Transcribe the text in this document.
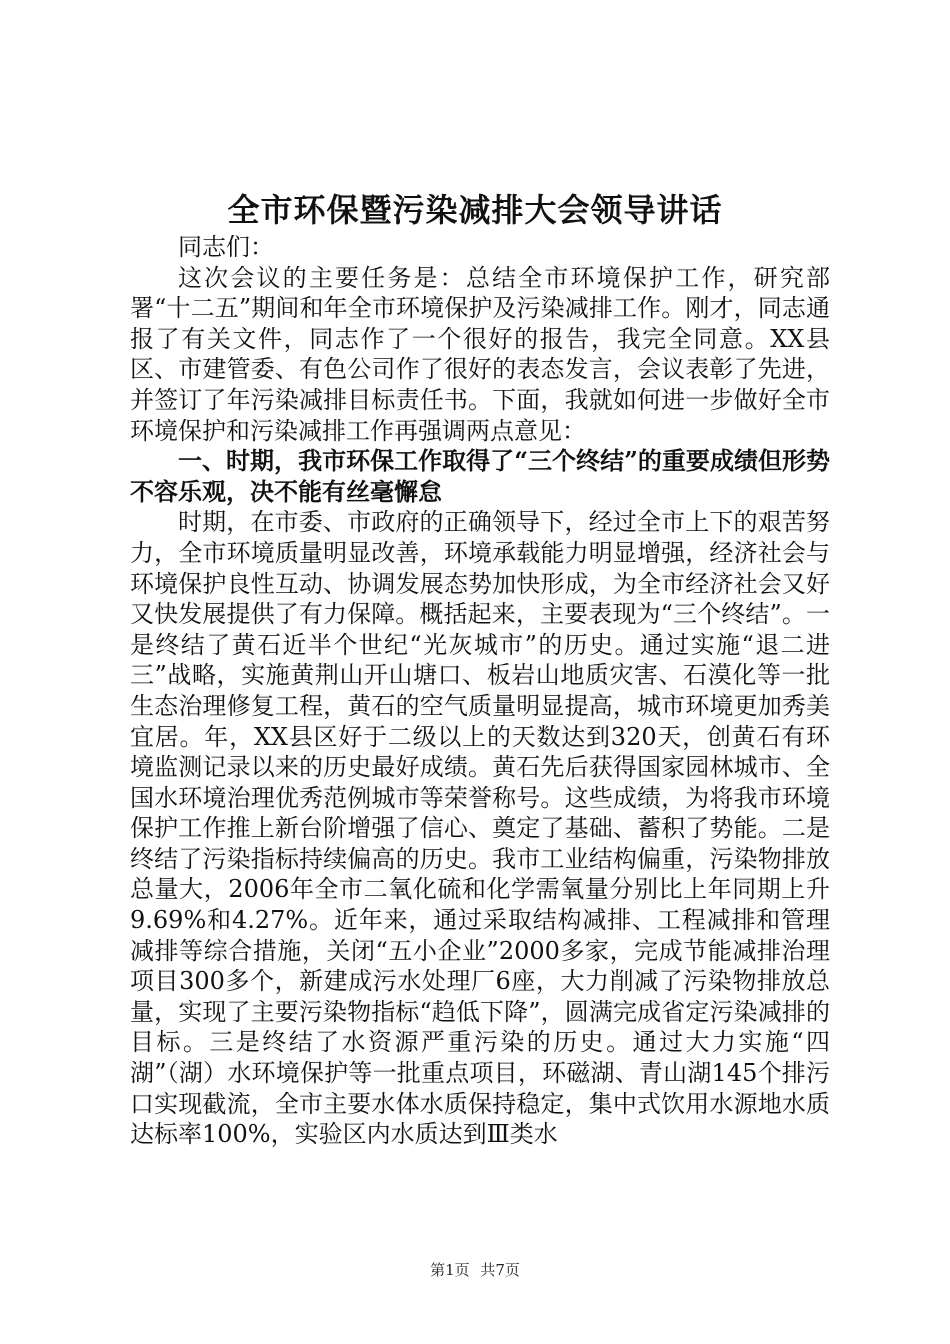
全市环保暨污染减排大会领导讲话

同志们：

这次会议的主要任务是：总结全市环境保护工作，研究部署“十二五”期间和年全市环境保护及污染减排工作。刚才，同志通报了有关文件，同志作了一个很好的报告，我完全同意。XX县区、市建管委、有色公司作了很好的表态发言，会议表彰了先进，并签订了年污染减排目标责任书。下面，我就如何进一步做好全市环境保护和污染减排工作再强调两点意见：

一、时期，我市环保工作取得了“三个终结”的重要成绩但形势不容乐观，决不能有丝毫懈怠

时期，在市委、市政府的正确领导下，经过全市上下的艰苦努力，全市环境质量明显改善，环境承载能力明显增强，经济社会与环境保护良性互动、协调发展态势加快形成，为全市经济社会又好又快发展提供了有力保障。概括起来，主要表现为“三个终结”。一是终结了黄石近半个世纪“光灰城市”的历史。通过实施“退二进三”战略，实施黄荆山开山塘口、板岩山地质灾害、石漠化等一批生态治理修复工程，黄石的空气质量明显提高，城市环境更加秀美宜居。年，XX县区好于二级以上的天数达到320天，创黄石有环境监测记录以来的历史最好成绩。黄石先后获得国家园林城市、全国水环境治理优秀范例城市等荣誉称号。这些成绩，为将我市环境保护工作推上新台阶增强了信心、奠定了基础、蓄积了势能。二是终结了污染指标持续偏高的历史。我市工业结构偏重，污染物排放总量大，2006年全市二氧化硫和化学需氧量分别比上年同期上升9.69%和4.27%。近年来，通过采取结构减排、工程减排和管理减排等综合措施，关闭“五小企业”2000多家，完成节能减排治理项目300多个，新建成污水处理厂6座，大力削减了污染物排放总量，实现了主要污染物指标“趋低下降”，圆满完成省定污染减排的目标。三是终结了水资源严重污染的历史。通过大力实施“四湖”（湖）水环境保护等一批重点项目，环磁湖、青山湖145个排污口实现截流，全市主要水体水质保持稳定，集中式饮用水源地水质达标率100%，实验区内水质达到Ⅲ类水

第1页 共7页
